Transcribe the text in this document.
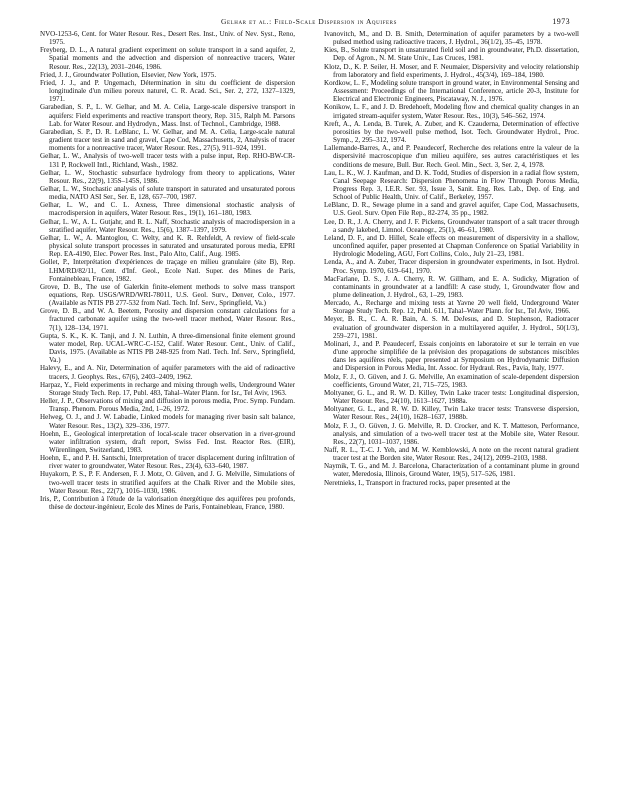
Gelhar et al.: Field-Scale Dispersion in Aquifers	1973

NVO-1253-6, Cent. for Water Resour. Res., Desert Res. Inst., Univ. of Nev. Syst., Reno, 1975.

Freyberg, D. L., A natural gradient experiment on solute transport in a sand aquifer, 2, Spatial moments and the advection and dispersion of nonreactive tracers, Water Resour. Res., 22(13), 2031–2046, 1986.

Fried, J. J., Groundwater Pollution, Elsevier, New York, 1975.

Fried, J. J., and P. Ungemach, Détermination in situ du coefficient de dispersion longitudinale d'un milieu poreux naturel, C. R. Acad. Sci., Ser. 2, 272, 1327–1329, 1971.

Garabedian, S. P., L. W. Gelhar, and M. A. Celia, Large-scale dispersive transport in aquifers: Field experiments and reactive transport theory, Rep. 315, Ralph M. Parsons Lab. for Water Resour. and Hydrodyn., Mass. Inst. of Technol., Cambridge, 1988.

Garabedian, S. P., D. R. LeBlanc, L. W. Gelhar, and M. A. Celia, Large-scale natural gradient tracer test in sand and gravel, Cape Cod, Massachusetts, 2, Analysis of tracer moments for a nonreactive tracer, Water Resour. Res., 27(5), 911–924, 1991.

Gelhar, L. W., Analysis of two-well tracer tests with a pulse input, Rep. RHO-BW-CR-131 P, Rockwell Intl., Richland, Wash., 1982.

Gelhar, L. W., Stochastic subsurface hydrology from theory to applications, Water Resour. Res., 22(9), 135S–145S, 1986.

Gelhar, L. W., Stochastic analysis of solute transport in saturated and unsaturated porous media, NATO ASI Ser., Ser. E, 128, 657–700, 1987.

Gelhar, L. W., and C. L. Axness, Three dimensional stochastic analysis of macrodispersion in aquifers, Water Resour. Res., 19(1), 161–180, 1983.

Gelhar, L. W., A. L. Gutjahr, and R. L. Naff, Stochastic analysis of macrodispersion in a stratified aquifer, Water Resour. Res., 15(6), 1387–1397, 1979.

Gelhar, L. W., A. Mantoglou, C. Welty, and K. R. Rehfeldt, A review of field-scale physical solute transport processes in saturated and unsaturated porous media, EPRI Rep. EA-4190, Elec. Power Res. Inst., Palo Alto, Calif., Aug. 1985.

Gollet, P., Interprétation d'expériences de traçage en milieu granulaire (site B), Rep. LHM/RD/82/11, Cent. d'Inf. Geol., Ecole Natl. Super. des Mines de Paris, Fontainebleau, France, 1982.

Grove, D. B., The use of Galerkin finite-element methods to solve mass transport equations, Rep. USGS/WRD/WRI-78011, U.S. Geol. Surv., Denver, Colo., 1977. (Available as NTIS PB 277-532 from Natl. Tech. Inf. Serv., Springfield, Va.)

Grove, D. B., and W. A. Beetem, Porosity and dispersion constant calculations for a fractured carbonate aquifer using the two-well tracer method, Water Resour. Res., 7(1), 128–134, 1971.

Gupta, S. K., K. K. Tanji, and J. N. Luthin, A three-dimensional finite element ground water model, Rep. UCAL-WRC-C-152, Calif. Water Resour. Cent., Univ. of Calif., Davis, 1975. (Available as NTIS PB 248-925 from Natl. Tech. Inf. Serv., Springfield, Va.)

Halevy, E., and A. Nir, Determination of aquifer parameters with the aid of radioactive tracers, J. Geophys. Res., 67(6), 2403–2409, 1962.

Harpaz, Y., Field experiments in recharge and mixing through wells, Underground Water Storage Study Tech. Rep. 17, Publ. 483, Tahal–Water Plann. for Isr., Tel Aviv, 1963.

Heller, J. P., Observations of mixing and diffusion in porous media, Proc. Symp. Fundam. Transp. Phenom. Porous Media, 2nd, 1–26, 1972.

Helweg, O. J., and J. W. Labadie, Linked models for managing river basin salt balance, Water Resour. Res., 13(2), 329–336, 1977.

Hoehn, E., Geological interpretation of local-scale tracer observation in a river-ground water infiltration system, draft report, Swiss Fed. Inst. Reactor Res. (EIR), Würenlingen, Switzerland, 1983.

Hoehn, E., and P. H. Santschi, Interpretation of tracer displacement during infiltration of river water to groundwater, Water Resour. Res., 23(4), 633–640, 1987.

Huyakorn, P. S., P. F. Andersen, F. J. Motz, O. Güven, and J. G. Melville, Simulations of two-well tracer tests in stratified aquifers at the Chalk River and the Mobile sites, Water Resour. Res., 22(7), 1016–1030, 1986.

Iris, P., Contribution à l'étude de la valorisation énergétique des aquifères peu profonds, thèse de docteur-ingénieur, Ecole des Mines de Paris, Fontainebleau, France, 1980.

Ivanovitch, M., and D. B. Smith, Determination of aquifer parameters by a two-well pulsed method using radioactive tracers, J. Hydrol., 36(1/2), 35–45, 1978.

Kies, B., Solute transport in unsaturated field soil and in groundwater, Ph.D. dissertation, Dep. of Agron., N. M. State Univ., Las Cruces, 1981.

Klotz, D., K. P. Seiler, H. Moser, and F. Neumaier, Dispersivity and velocity relationship from laboratory and field experiments, J. Hydrol., 45(3/4), 169–184, 1980.

Kordkow, L. F., Modeling solute transport in ground water, in Environmental Sensing and Assessment: Proceedings of the International Conference, article 20-3, Institute for Electrical and Electronic Engineers, Piscataway, N. J., 1976.

Konikow, L. F., and J. D. Bredehoeft, Modeling flow and chemical quality changes in an irrigated stream-aquifer system, Water Resour. Res., 10(3), 546–562, 1974.

Kreft, A., A. Lenda, B. Turek, A. Zuber, and K. Czauderna, Determination of effective porosities by the two-well pulse method, Isot. Tech. Groundwater Hydrol., Proc. Symp., 2, 295–312, 1974.

Lallemande-Barres, A., and P. Peaudecerf, Recherche des relations entre la valeur de la dispersivité macroscopique d'un milieu aquifère, ses autres caractéristiques et les conditions de mesure, Bull. Bur. Rech. Geol. Min., Sect. 3, Ser. 2, 4, 1978.

Lau, L. K., W. J. Kaufman, and D. K. Todd, Studies of dispersion in a radial flow system, Canal Seepage Research: Dispersion Phenomena in Flow Through Porous Media, Progress Rep. 3, I.E.R. Ser. 93, Issue 3, Sanit. Eng. Res. Lab., Dep. of Eng. and School of Public Health, Univ. of Calif., Berkeley, 1957.

LeBlanc, D. R., Sewage plume in a sand and gravel aquifer, Cape Cod, Massachusetts, U.S. Geol. Surv. Open File Rep., 82-274, 35 pp., 1982.

Lee, D. R., J. A. Cherry, and J. F. Pickens, Groundwater transport of a salt tracer through a sandy lakebed, Limnol. Oceanogr., 25(1), 46–61, 1980.

Leland, D. F., and D. Hillel, Scale effects on measurement of dispersivity in a shallow, unconfined aquifer, paper presented at Chapman Conference on Spatial Variability in Hydrologic Modeling, AGU, Fort Collins, Colo., July 21–23, 1981.

Lenda, A., and A. Zuber, Tracer dispersion in groundwater experiments, in Isot. Hydrol. Proc. Symp. 1970, 619–641, 1970.

MacFarlane, D. S., J. A. Cherry, R. W. Gillham, and E. A. Sudicky, Migration of contaminants in groundwater at a landfill: A case study, 1, Groundwater flow and plume delineation, J. Hydrol., 63, 1–29, 1983.

Mercado, A., Recharge and mixing tests at Yavne 20 well field, Underground Water Storage Study Tech. Rep. 12, Publ. 611, Tahal–Water Plann. for Isr., Tel Aviv, 1966.

Meyer, B. R., C. A. R. Bain, A. S. M. DeJesus, and D. Stephenson, Radiotracer evaluation of groundwater dispersion in a multilayered aquifer, J. Hydrol., 50(1/3), 259–271, 1981.

Molinari, J., and P. Peaudecerf, Essais conjoints en laboratoire et sur le terrain en vue d'une approche simplifiée de la prévision des propagations de substances miscibles dans les aquifères réels, paper presented at Symposium on Hydrodynamic Diffusion and Dispersion in Porous Media, Int. Assoc. for Hydraul. Res., Pavia, Italy, 1977.

Molz, F. J., O. Güven, and J. G. Melville, An examination of scale-dependent dispersion coefficients, Ground Water, 21, 715–725, 1983.

Moltyaner, G. L., and R. W. D. Killey, Twin Lake tracer tests: Longitudinal dispersion, Water Resour. Res., 24(10), 1613–1627, 1988a.

Moltyaner, G. L., and R. W. D. Killey, Twin Lake tracer tests: Transverse dispersion, Water Resour. Res., 24(10), 1628–1637, 1988b.

Molz, F. J., O. Güven, J. G. Melville, R. D. Crocker, and K. T. Matteson, Performance, analysis, and simulation of a two-well tracer test at the Mobile site, Water Resour. Res., 22(7), 1031–1037, 1986.

Naff, R. L., T.-C. J. Yeh, and M. W. Kemblowski, A note on the recent natural gradient tracer test at the Borden site, Water Resour. Res., 24(12), 2099–2103, 1988.

Naymik, T. G., and M. J. Barcelona, Characterization of a contaminant plume in ground water, Meredosia, Illinois, Ground Water, 19(5), 517–526, 1981.

Neretnieks, I., Transport in fractured rocks, paper presented at the
